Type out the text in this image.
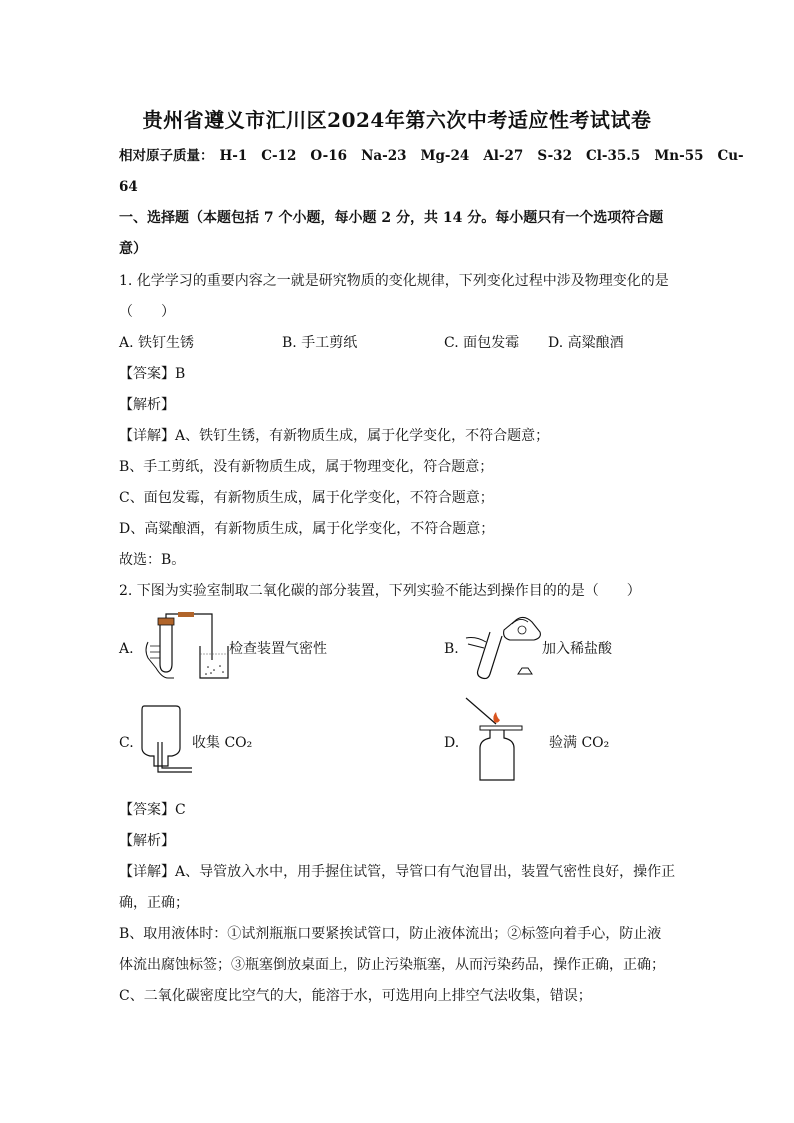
贵州省遵义市汇川区2024年第六次中考适应性考试试卷
相对原子质量： H-1 C-12 O-16 Na-23 Mg-24 Al-27 S-32 Cl-35.5 Mn-55 Cu-
64
一、选择题（本题包括 7 个小题，每小题 2 分，共 14 分。每小题只有一个选项符合题
意）
1. 化学学习的重要内容之一就是研究物质的变化规律，下列变化过程中涉及物理变化的是
（　　）
A. 铁钉生锈	B. 手工剪纸	C. 面包发霉 D. 高粱酿酒
【答案】B
【解析】
【详解】A、铁钉生锈，有新物质生成，属于化学变化，不符合题意；
B、手工剪纸，没有新物质生成，属于物理变化，符合题意；
C、面包发霉，有新物质生成，属于化学变化，不符合题意；
D、高粱酿酒，有新物质生成，属于化学变化，不符合题意；
故选：B。
2. 下图为实验室制取二氧化碳的部分装置，下列实验不能达到操作目的的是（　　）
A.	检查装置气密性	B.	加入稀盐酸
C.	收集 CO₂	D.	验满 CO₂
【答案】C
【解析】
【详解】A、导管放入水中，用手握住试管，导管口有气泡冒出，装置气密性良好，操作正
确，正确；
B、取用液体时：①试剂瓶瓶口要紧挨试管口，防止液体流出；②标签向着手心，防止液
体流出腐蚀标签；③瓶塞倒放桌面上，防止污染瓶塞，从而污染药品，操作正确，正确；
C、二氧化碳密度比空气的大，能溶于水，可选用向上排空气法收集，错误；
